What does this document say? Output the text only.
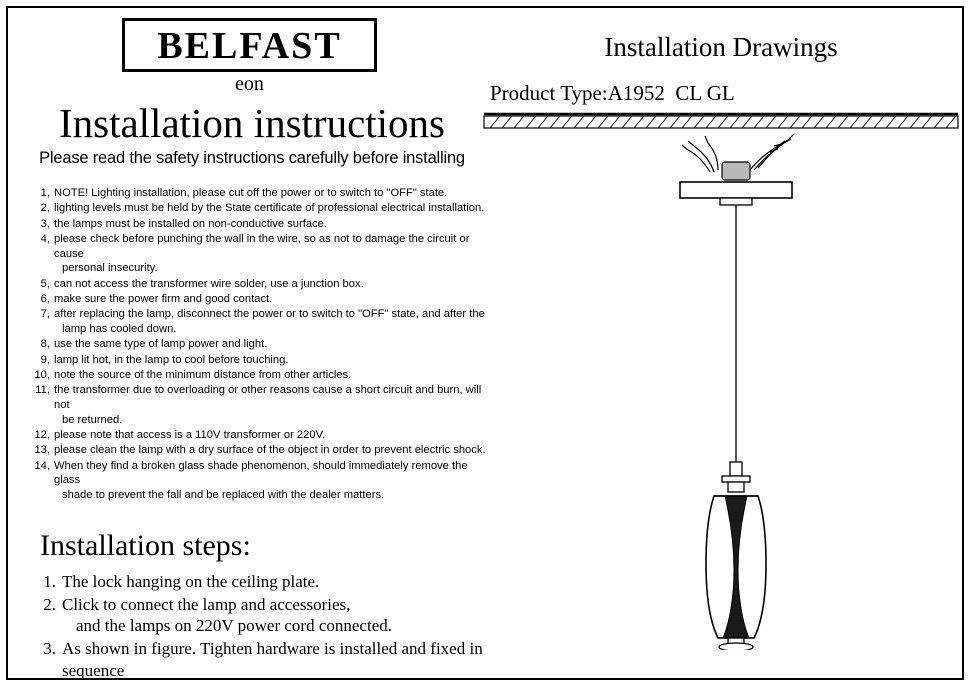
BELFAST
eon
Installation instructions
Please read the safety instructions carefully before installing
1, NOTE! Lighting installation, please cut off the power or to switch to "OFF" state.
2, lighting levels must be held by the State certificate of professional electrical installation.
3, the lamps must be installed on non-conductive surface.
4, please check before punching the wall in the wire, so as not to damage the circuit or cause
personal insecurity.
5, can not access the transformer wire solder, use a junction box.
6, make sure the power firm and good contact.
7, after replacing the lamp, disconnect the power or to switch to "OFF" state, and after the
lamp has cooled down.
8, use the same type of lamp power and light.
9, lamp lit hot, in the lamp to cool before touching.
10, note the source of the minimum distance from other articles.
11, the transformer due to overloading or other reasons cause a short circuit and burn, will not
be returned.
12, please note that access is a 110V transformer or 220V.
13, please clean the lamp with a dry surface of the object in order to prevent electric shock.
14, When they find a broken glass shade phenomenon, should immediately remove the glass
shade to prevent the fall and be replaced with the dealer matters.
Installation steps:
1. The lock hanging on the ceiling plate.
2. Click to connect the lamp and accessories,
and the lamps on 220V power cord connected.
3. As shown in figure. Tighten hardware is installed and fixed in sequence
Installation Drawings
Product Type:A1952  CL GL
